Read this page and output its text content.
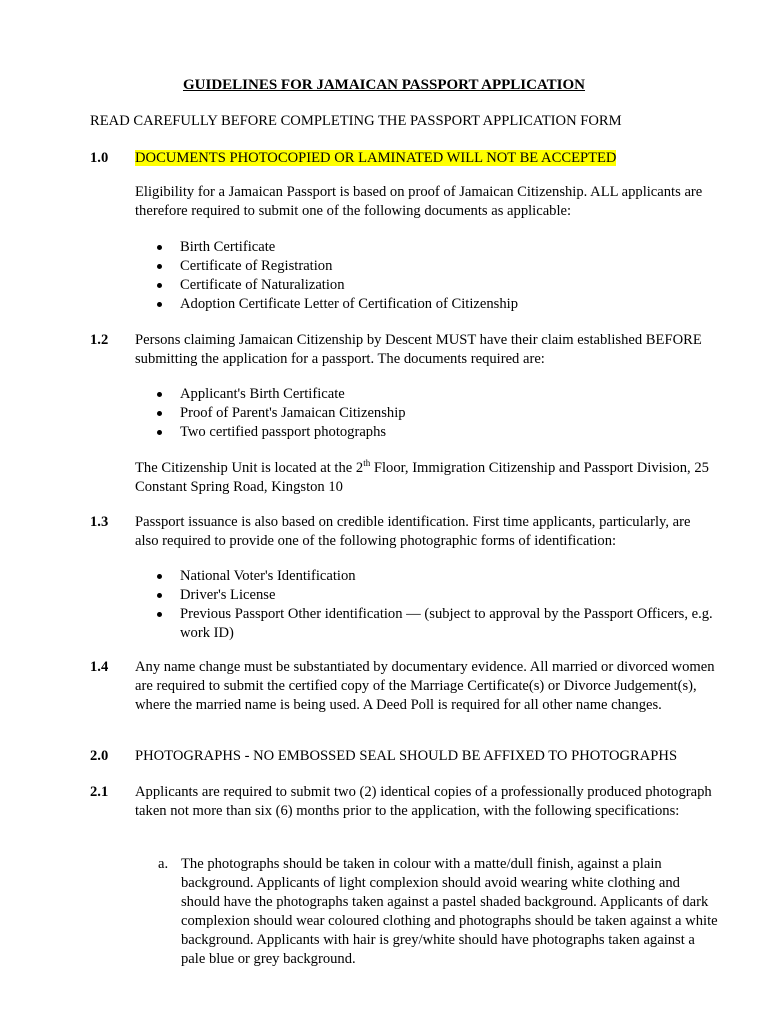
GUIDELINES FOR JAMAICAN PASSPORT APPLICATION
READ CAREFULLY BEFORE COMPLETING THE PASSPORT APPLICATION FORM
1.0 DOCUMENTS PHOTOCOPIED OR LAMINATED WILL NOT BE ACCEPTED
Eligibility for a Jamaican Passport is based on proof of Jamaican Citizenship. ALL applicants are therefore required to submit one of the following documents as applicable:
Birth Certificate
Certificate of Registration
Certificate of Naturalization
Adoption Certificate Letter of Certification of Citizenship
1.2 Persons claiming Jamaican Citizenship by Descent MUST have their claim established BEFORE submitting the application for a passport. The documents required are:
Applicant's Birth Certificate
Proof of Parent's Jamaican Citizenship
Two certified passport photographs
The Citizenship Unit is located at the 2th Floor, Immigration Citizenship and Passport Division, 25 Constant Spring Road, Kingston 10
1.3 Passport issuance is also based on credible identification. First time applicants, particularly, are also required to provide one of the following photographic forms of identification:
National Voter's Identification
Driver's License
Previous Passport Other identification — (subject to approval by the Passport Officers, e.g. work ID)
1.4 Any name change must be substantiated by documentary evidence. All married or divorced women are required to submit the certified copy of the Marriage Certificate(s) or Divorce Judgement(s), where the married name is being used. A Deed Poll is required for all other name changes.
2.0 PHOTOGRAPHS - NO EMBOSSED SEAL SHOULD BE AFFIXED TO PHOTOGRAPHS
2.1 Applicants are required to submit two (2) identical copies of a professionally produced photograph taken not more than six (6) months prior to the application, with the following specifications:
a. The photographs should be taken in colour with a matte/dull finish, against a plain background. Applicants of light complexion should avoid wearing white clothing and should have the photographs taken against a pastel shaded background. Applicants of dark complexion should wear coloured clothing and photographs should be taken against a white background. Applicants with hair is grey/white should have photographs taken against a pale blue or grey background.
